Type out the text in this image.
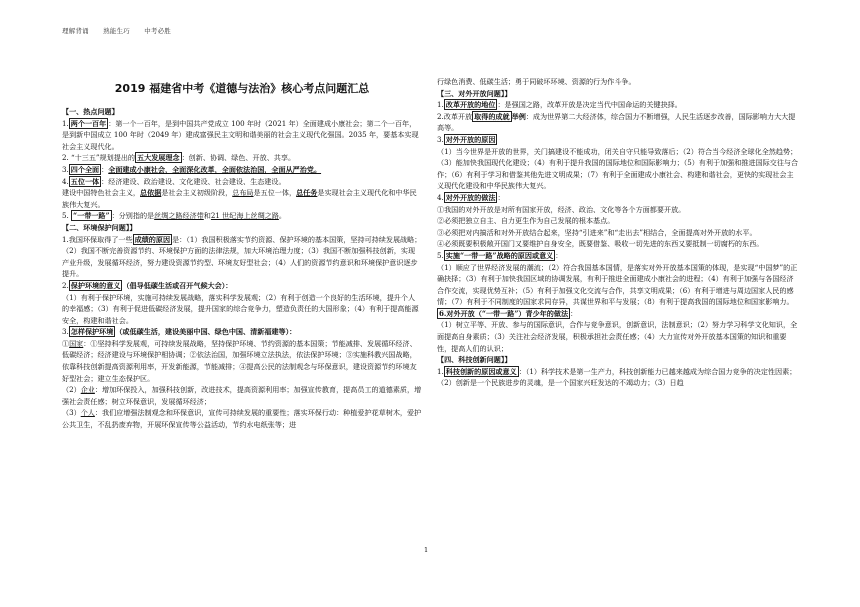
理解背诵 熟能生巧 中考必胜
2019 福建省中考《道德与法治》核心考点问题汇总

【一、热点问题】

1. 两个一百年 ：第一个一百年，是到中国共产党成立 100 年时（2021 年）全面建成小康社会；第二个一百年，是到新中国成立 100 年时（2049 年）建成富强民主文明和谐美丽的社会主义现代化强国。2035 年，要基本实现社会主义现代化。

2. “十三五”规划提出的 五大发展理念 ：创新、协调、绿色、开放、共享。

3. 四个全面 ：全面建成小康社会，全面深化改革，全面依法治国，全面从严治党。

4. 五位一体 ：经济建设、政治建设、文化建设、社会建设、生态建设。

建设中国特色社会主义，总依据是社会主义初级阶段，总布局是五位一体，总任务是实现社会主义现代化和中华民族伟大复兴。

5. “一带一路” ：分别指的是丝绸之路经济带和21 世纪海上丝绸之路。

【二、环境保护问题】】

1.我国环保取得了一些 成绩的原因 是：（1）我国积极落实节约资源、保护环境的基本国策，坚持可持续发展战略；（2）我国不断完善资源节约、环境保护方面的法律法规，加大环境治理力度；（3）我国不断加强科技创新，实现产业升级，发展循环经济，努力建设资源节约型、环境友好型社会；（4）人们的资源节约意识和环境保护意识逐步提升。

2. 保护环境的意义 （倡导低碳生活或召开气候大会）：

（1）有利于保护环境，实施可持续发展战略，落实科学发展观；（2）有利于创造一个良好的生活环境，提升个人的幸福感；（3）有利于促进低碳经济发展，提升国家的综合竞争力，塑造负责任的大国形象；（4）有利于提高能源安全，构建和谐社会。

3. 怎样保护环境 （或低碳生活，建设美丽中国、绿色中国、清新福建等）：

①国家：①坚持科学发展观，可持续发展战略，坚持保护环境、节约资源的基本国策；节能减排、发展循环经济、低碳经济；经济建设与环境保护相协调；②依法治国，加强环境立法执法，依法保护环境；③实施科教兴国战略，依靠科技创新提高资源利用率，开发新能源，节能减排；④提高公民的法制观念与环保意识，建设资源节约环境友好型社会；建立生态保护区。

（2）企业：增加环保投入，加强科技创新，改进技术，提高资源利用率；加强宣传教育，提高员工的道德素质，增强社会责任感；树立环保意识，发展循环经济；

（3）个人：我们应增强法制观念和环保意识，宣传可持续发展的重要性；落实环保行动：种植爱护花草树木，爱护公共卫生，不乱扔废弃物，开展环保宣传等公益活动，节约水电纸张等；进

行绿色消费、低碳生活；勇于同破坏环境、资源的行为作斗争。

【三、对外开放问题】】

1. 改革开放的地位 ：是强国之路，改革开放是决定当代中国命运的关键抉择。

2.改革开放 取得的成就 举例：成为世界第二大经济体，综合国力不断增强，人民生活逐步改善，国际影响力大大提高等。

3. 对外开放的原因

（1）当今世界是开放的世界，关门搞建设不能成功，闭关自守只能导致落后；（2）符合当今经济全球化全然趋势；（3）能加快我国现代化建设；（4）有利于提升我国的国际地位和国际影响力；（5）有利于加强和推进国际交往与合作；（6）有利于学习和借鉴其他先进文明成果；（7）有利于全面建成小康社会、构建和谐社会，更快的实现社会主义现代化建设和中华民族伟大复兴。

4. 对外开放的做法 ：

①我国的对外开放是对所有国家开放，经济、政治、文化等各个方面都要开放。

②必须把独立自主、自力更生作为自己发展的根本基点。

③必须把对内搞活和对外开放结合起来，坚持“引进来”和“走出去”相结合，全面提高对外开放的水平。

④必须既要积极敞开国门又要维护自身安全，既要借鉴、吸收一切先进的东西又要抵制一切腐朽的东西。

5. 实施“一带一路”战略的原因或意义 ：

（1）顺应了世界经济发展的潮流；（2）符合我国基本国情，是落实对外开放基本国策的体现，是实现“中国梦”的正确抉择；（3）有利于加快我国区域的协调发展，有利于推进全面建成小康社会的进程；（4）有利于加强与各国经济合作交流，实现优势互补；（5）有利于加强文化交流与合作，共享文明成果；（6）有利于增进与周边国家人民的感情；（7）有利于不同制度的国家求同存异，共谋世界和平与发展；（8）有利于提高我国的国际地位和国家影响力。

6.对外开放（“一带一路”）青少年的做法 ：

（1）树立平等、开放、参与的国际意识，合作与竞争意识，创新意识，法制意识；（2）努力学习科学文化知识，全面提高自身素质；（3）关注社会经济发展，积极承担社会责任感；（4）大力宣传对外开放基本国策的知识和重要性，提高人们的认识；

【四、科技创新问题】】

1. 科技创新的原因或意义 ：（1）科学技术是第一生产力，科技创新能力已越来越成为综合国力竞争的决定性因素；（2）创新是一个民族进步的灵魂，是一个国家兴旺发达的不竭动力；（3）日趋

1
